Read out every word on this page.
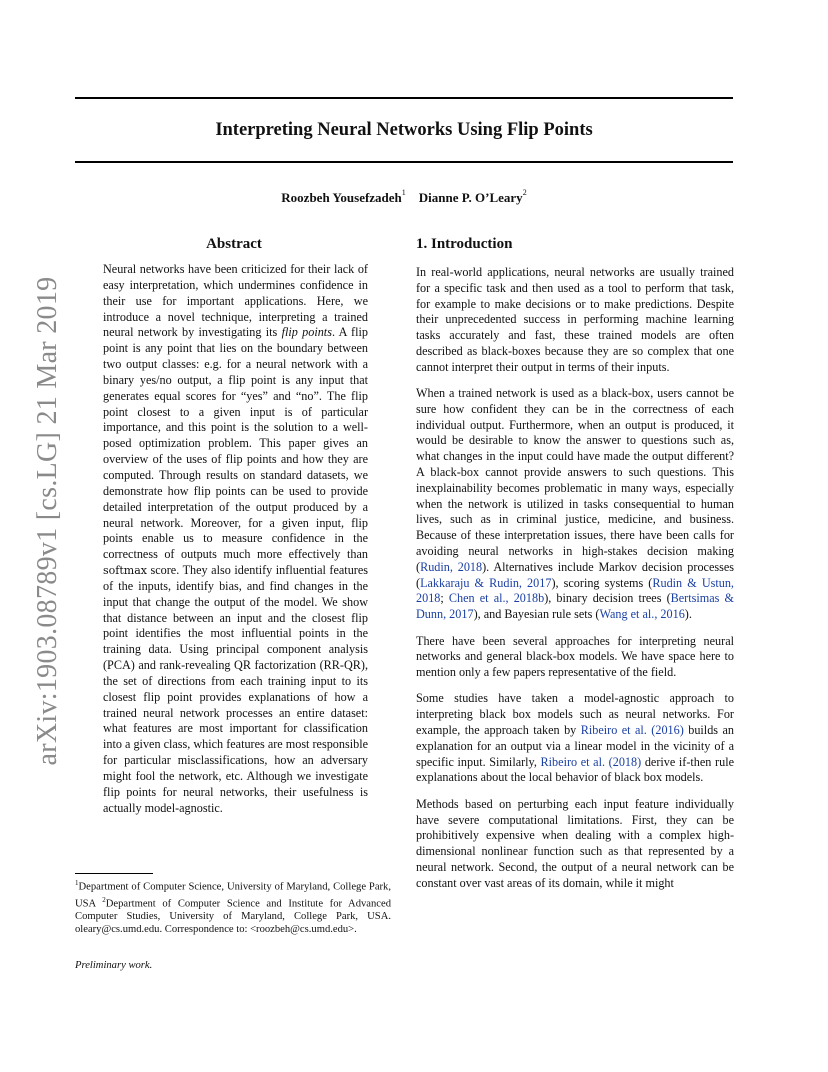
Interpreting Neural Networks Using Flip Points
Roozbeh Yousefzadeh$^1$ Dianne P. O’Leary$^2$
arXiv:1903.08789v1 [cs.LG] 21 Mar 2019
Abstract
Neural networks have been criticized for their lack of easy interpretation, which undermines confidence in their use for important applications. Here, we introduce a novel technique, interpreting a trained neural network by investigating its flip points. A flip point is any point that lies on the boundary between two output classes: e.g. for a neural network with a binary yes/no output, a flip point is any input that generates equal scores for “yes” and “no”. The flip point closest to a given input is of particular importance, and this point is the solution to a well-posed optimization problem. This paper gives an overview of the uses of flip points and how they are computed. Through results on standard datasets, we demonstrate how flip points can be used to provide detailed interpretation of the output produced by a neural network. Moreover, for a given input, flip points enable us to measure confidence in the correctness of outputs much more effectively than softmax score. They also identify influential features of the inputs, identify bias, and find changes in the input that change the output of the model. We show that distance between an input and the closest flip point identifies the most influential points in the training data. Using principal component analysis (PCA) and rank-revealing QR factorization (RR-QR), the set of directions from each training input to its closest flip point provides explanations of how a trained neural network processes an entire dataset: what features are most important for classification into a given class, which features are most responsible for particular misclassifications, how an adversary might fool the network, etc. Although we investigate flip points for neural networks, their usefulness is actually model-agnostic.
$^1$Department of Computer Science, University of Maryland, College Park, USA $^2$Department of Computer Science and Institute for Advanced Computer Studies, University of Maryland, College Park, USA. oleary@cs.umd.edu. Correspondence to: <roozbeh@cs.umd.edu>.
Preliminary work.
1. Introduction

In real-world applications, neural networks are usually trained for a specific task and then used as a tool to perform that task, for example to make decisions or to make predictions. Despite their unprecedented success in performing machine learning tasks accurately and fast, these trained models are often described as black-boxes because they are so complex that one cannot interpret their output in terms of their inputs.

When a trained network is used as a black-box, users cannot be sure how confident they can be in the correctness of each individual output. Furthermore, when an output is produced, it would be desirable to know the answer to questions such as, what changes in the input could have made the output different? A black-box cannot provide answers to such questions. This inexplainability becomes problematic in many ways, especially when the network is utilized in tasks consequential to human lives, such as in criminal justice, medicine, and business. Because of these interpretation issues, there have been calls for avoiding neural networks in high-stakes decision making (Rudin, 2018). Alternatives include Markov decision processes (Lakkaraju & Rudin, 2017), scoring systems (Rudin & Ustun, 2018; Chen et al., 2018b), binary decision trees (Bertsimas & Dunn, 2017), and Bayesian rule sets (Wang et al., 2016).

There have been several approaches for interpreting neural networks and general black-box models. We have space here to mention only a few papers representative of the field.

Some studies have taken a model-agnostic approach to interpreting black box models such as neural networks. For example, the approach taken by Ribeiro et al. (2016) builds an explanation for an output via a linear model in the vicinity of a specific input. Similarly, Ribeiro et al. (2018) derive if-then rule explanations about the local behavior of black box models.

Methods based on perturbing each input feature individually have severe computational limitations. First, they can be prohibitively expensive when dealing with a complex high-dimensional nonlinear function such as that represented by a neural network. Second, the output of a neural network can be constant over vast areas of its domain, while it might
